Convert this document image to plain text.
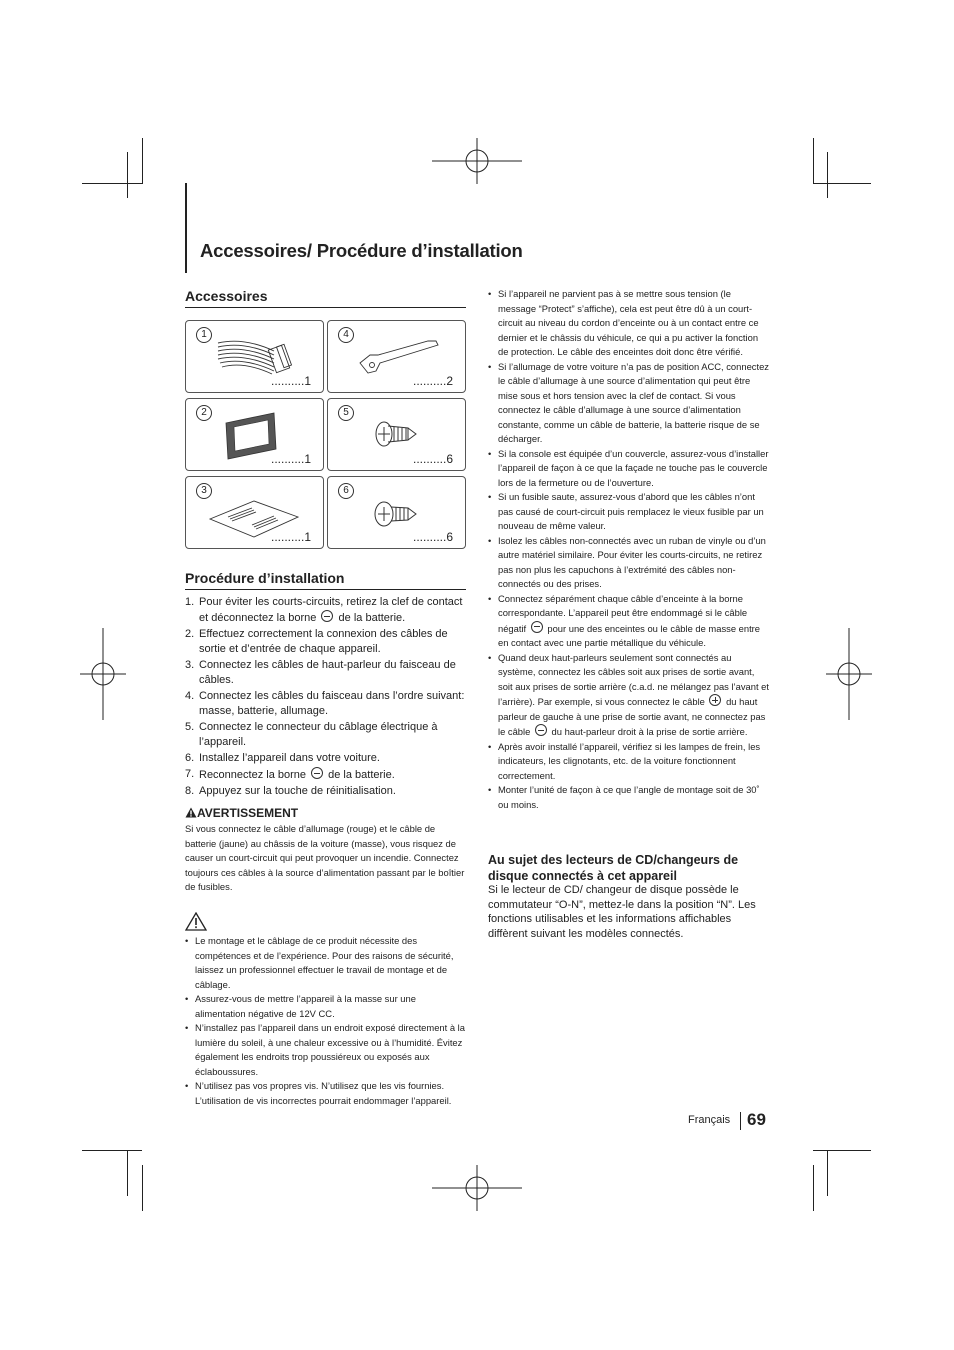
Accessoires/ Procédure d’installation
Accessoires
1
..........1
4
..........2
2
..........1
5
..........6
3
..........1
6
..........6
Procédure d’installation
1. Pour éviter les courts-circuits, retirez la clef de contact et déconnectez la borne de la batterie.
2. Effectuez correctement la connexion des câbles de sortie et d’entrée de chaque appareil.
3. Connectez les câbles de haut-parleur du faisceau de câbles.
4. Connectez les câbles du faisceau dans l’ordre suivant: masse, batterie, allumage.
5. Connectez le connecteur du câblage électrique à l’appareil.
6. Installez l’appareil dans votre voiture.
7. Reconnectez la borne de la batterie.
8. Appuyez sur la touche de réinitialisation.
AVERTISSEMENT
Si vous connectez le câble d’allumage (rouge) et le câble de batterie (jaune) au châssis de la voiture (masse), vous risquez de causer un court-circuit qui peut provoquer un incendie. Connectez toujours ces câbles à la source d’alimentation passant par le boîtier de fusibles.
• Le montage et le câblage de ce produit nécessite des compétences et de l’expérience. Pour des raisons de sécurité, laissez un professionnel effectuer le travail de montage et de câblage.
• Assurez-vous de mettre l’appareil à la masse sur une alimentation négative de 12V CC.
• N’installez pas l’appareil dans un endroit exposé directement à la lumière du soleil, à une chaleur excessive ou à l’humidité. Évitez également les endroits trop poussiéreux ou exposés aux éclaboussures.
• N’utilisez pas vos propres vis. N’utilisez que les vis fournies. L’utilisation de vis incorrectes pourrait endommager l’appareil.
• Si l’appareil ne parvient pas à se mettre sous tension (le message “Protect” s’affiche), cela est peut être dû à un court-circuit au niveau du cordon d’enceinte ou à un contact entre ce dernier et le châssis du véhicule, ce qui a pu activer la fonction de protection. Le câble des enceintes doit donc être vérifié.
• Si l’allumage de votre voiture n’a pas de position ACC, connectez le câble d’allumage à une source d’alimentation qui peut être mise sous et hors tension avec la clef de contact. Si vous connectez le câble d’allumage à une source d’alimentation constante, comme un câble de batterie, la batterie risque de se décharger.
• Si la console est équipée d’un couvercle, assurez-vous d’installer l’appareil de façon à ce que la façade ne touche pas le couvercle lors de la fermeture ou de l’ouverture.
• Si un fusible saute, assurez-vous d’abord que les câbles n’ont pas causé de court-circuit puis remplacez le vieux fusible par un nouveau de même valeur.
• Isolez les câbles non-connectés avec un ruban de vinyle ou d’un autre matériel similaire. Pour éviter les courts-circuits, ne retirez pas non plus les capuchons à l’extrémité des câbles non-connectés ou des prises.
• Connectez séparément chaque câble d’enceinte à la borne correspondante. L’appareil peut être endommagé si le câble négatif pour une des enceintes ou le câble de masse entre en contact avec une partie métallique du véhicule.
• Quand deux haut-parleurs seulement sont connectés au système, connectez les câbles soit aux prises de sortie avant, soit aux prises de sortie arrière (c.a.d. ne mélangez pas l’avant et l’arrière). Par exemple, si vous connectez le câble du haut parleur de gauche à une prise de sortie avant, ne connectez pas le câble du haut-parleur droit à la prise de sortie arrière.
• Après avoir installé l’appareil, vérifiez si les lampes de frein, les indicateurs, les clignotants, etc. de la voiture fonctionnent correctement.
• Monter l’unité de façon à ce que l’angle de montage soit de 30˚ ou moins.
Au sujet des lecteurs de CD/changeurs de disque connectés à cet appareil
Si le lecteur de CD/ changeur de disque possède le commutateur “O-N”, mettez-le dans la position “N”. Les fonctions utilisables et les informations affichables diffèrent suivant les modèles connectés.
Français 69
